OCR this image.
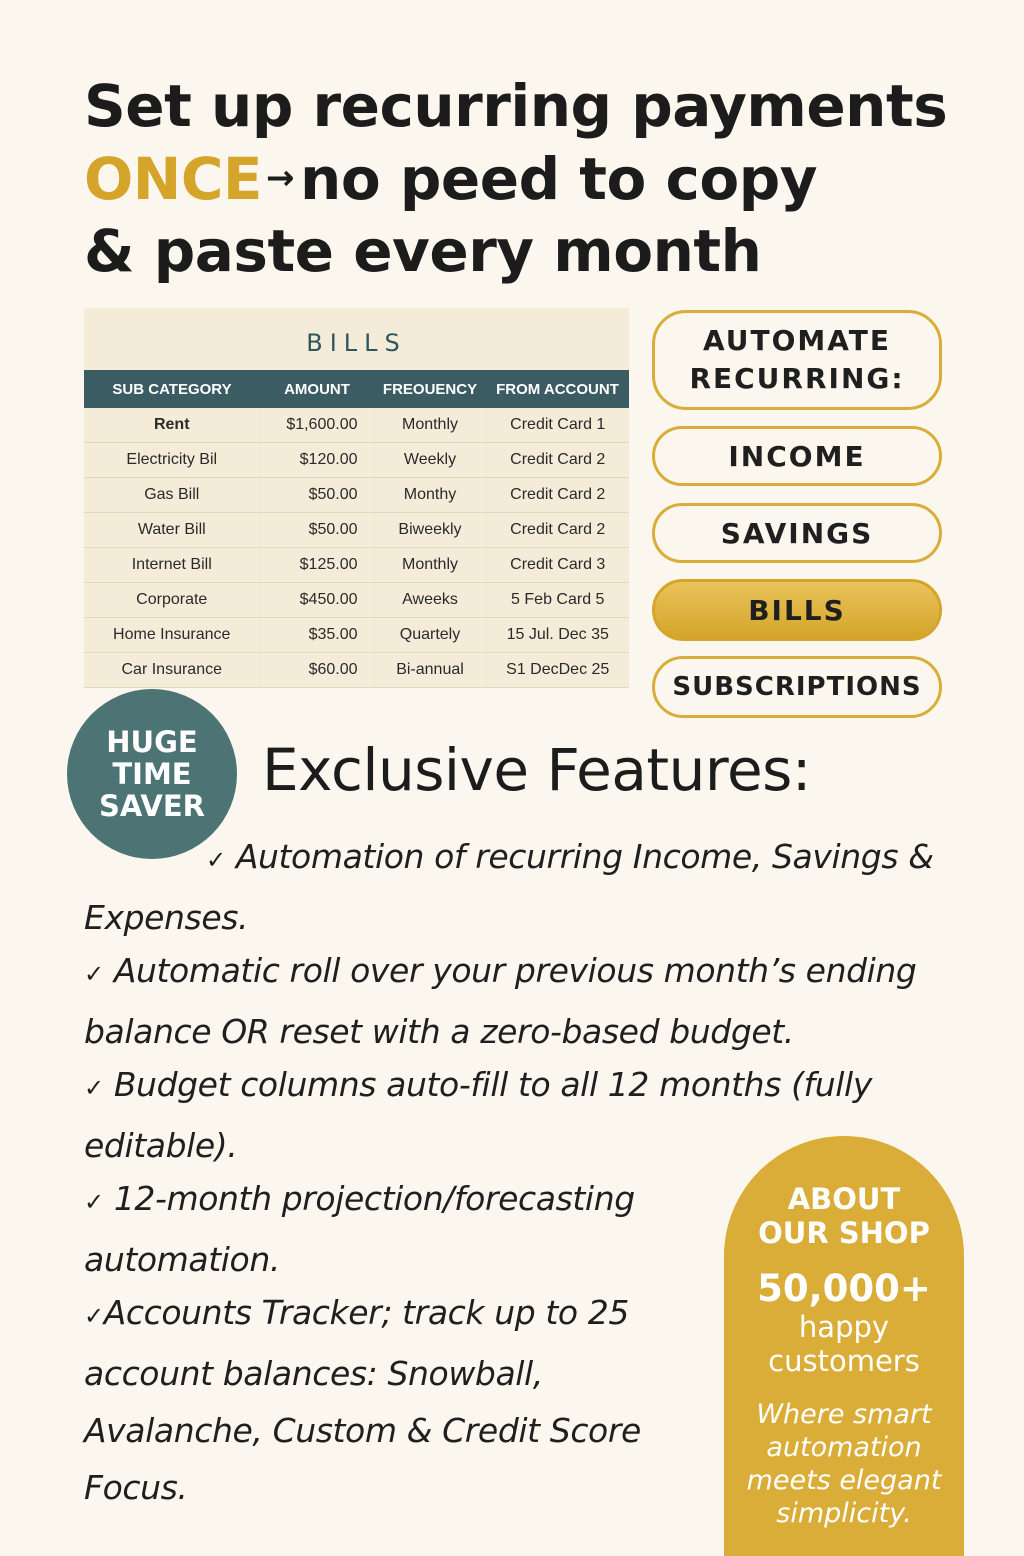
Set up recurring payments
ONCE → no peed to copy
& paste every month
BILLS
SUB CATEGORY	AMOUNT	FREOUENCY	FROM ACCOUNT
Rent	$1,600.00	Monthly	Credit Card 1
Electricity Bil	$120.00	Weekly	Credit Card 2
Gas Bill	$50.00	Monthy	Credit Card 2
Water Bill	$50.00	Biweekly	Credit Card 2
Internet Bill	$125.00	Monthly	Credit Card 3
Corporate	$450.00	Aweeks	5 Feb Card 5
Home Insurance	$35.00	Quartely	15 Jul. Dec 35
Car Insurance	$60.00	Bi-annual	S1 DecDec 25
AUTOMATE
RECURRING:
INCOME
SAVINGS
BILLS
SUBSCRIPTIONS
HUGE
TIME
SAVER
Exclusive Features:

✓ Automation of recurring Income, Savings & Expenses.

✓ Automatic roll over your previous month’s ending balance OR reset with a zero-based budget.

✓ Budget columns auto-fill to all 12 months (fully editable).

✓ 12-month projection/forecasting automation.

✓Accounts Tracker; track up to 25 account balances: Snowball, Avalanche, Custom & Credit Score Focus.

ABOUT
OUR SHOP
50,000+
happy
customers
Where smart automation meets elegant simplicity.
